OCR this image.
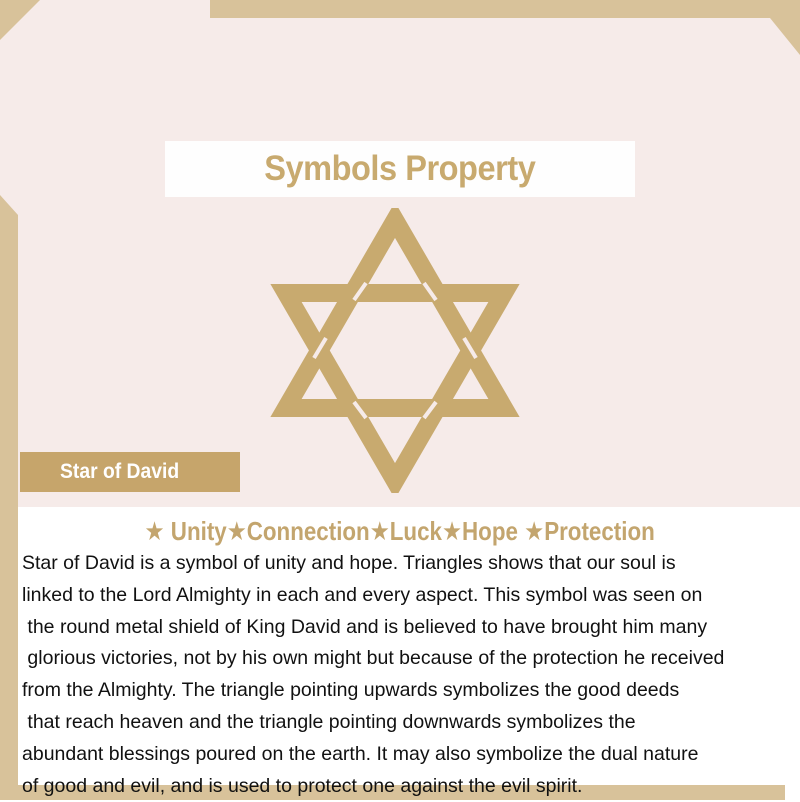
Symbols Property
Star of David
★
Unity ★ Connection ★ Luck ★ Hope
★ Protection
Star of David is a symbol of unity and hope. Triangles shows that our soul is
linked to the Lord Almighty in each and every aspect. This symbol was seen on
the round metal shield of King David and is believed to have brought him many
glorious victories, not by his own might but because of the protection he received
from the Almighty. The triangle pointing upwards symbolizes the good deeds
that reach heaven and the triangle pointing downwards symbolizes the
abundant blessings poured on the earth. It may also symbolize the dual nature
of good and evil, and is used to protect one against the evil spirit.
